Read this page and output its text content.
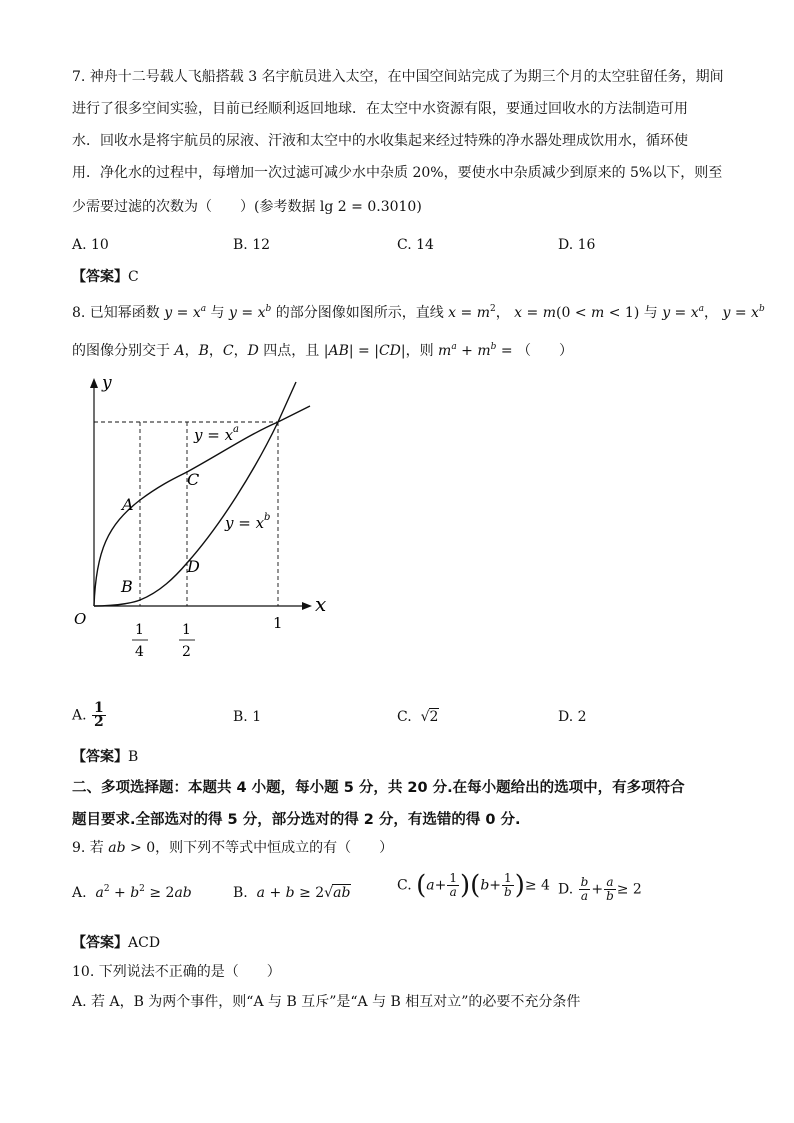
7. 神舟十二号载人飞船搭载 3 名宇航员进入太空，在中国空间站完成了为期三个月的太空驻留任务，期间
进行了很多空间实验，目前已经顺利返回地球．在太空中水资源有限，要通过回收水的方法制造可用
水．回收水是将宇航员的尿液、汗液和太空中的水收集起来经过特殊的净水器处理成饮用水，循环使
用．净化水的过程中，每增加一次过滤可减少水中杂质 20%，要使水中杂质减少到原来的 5%以下，则至
少需要过滤的次数为（　　）(参考数据 lg 2 = 0.3010)
A. 10	B. 12	C. 14	D. 16
【答案】C
8. 已知幂函数 $y = x^a$ 与 $y = x^b$ 的部分图像如图所示，直线 $x = m^2$， x = m(0 < m < 1) 与 $y = x^a$， $y = x^b$
的图像分别交于 A，B，C，D 四点，且 |AB| = |CD|，则 $m^a + m^b$ = （　　）
y
x
O
$y = x^a$
$y = x^b$
A
B
C
D
1
4
1
2
1
A. $\frac{1}{2}$	B. 1	C.  √2	D. 2
【答案】B
二、多项选择题：本题共 4 小题，每小题 5 分，共 20 分.在每小题给出的选项中，有多项符合
题目要求.全部选对的得 5 分，部分选对的得 2 分，有选错的得 0 分.
9. 若 ab > 0，则下列不等式中恒成立的有（　　）
A. $a^2 + b^2 \ge 2ab$	B. a + b ≥ 2√ab	C. $(a+ \frac{1}{a} )(b+ \frac{1}{b}$ )≥ 4 D. $\frac{b}{a} + \frac{a}{b} \ge 2$
【答案】ACD
10. 下列说法不正确的是（　　）
A. 若 A，B 为两个事件，则“A 与 B 互斥”是“A 与 B 相互对立”的必要不充分条件
